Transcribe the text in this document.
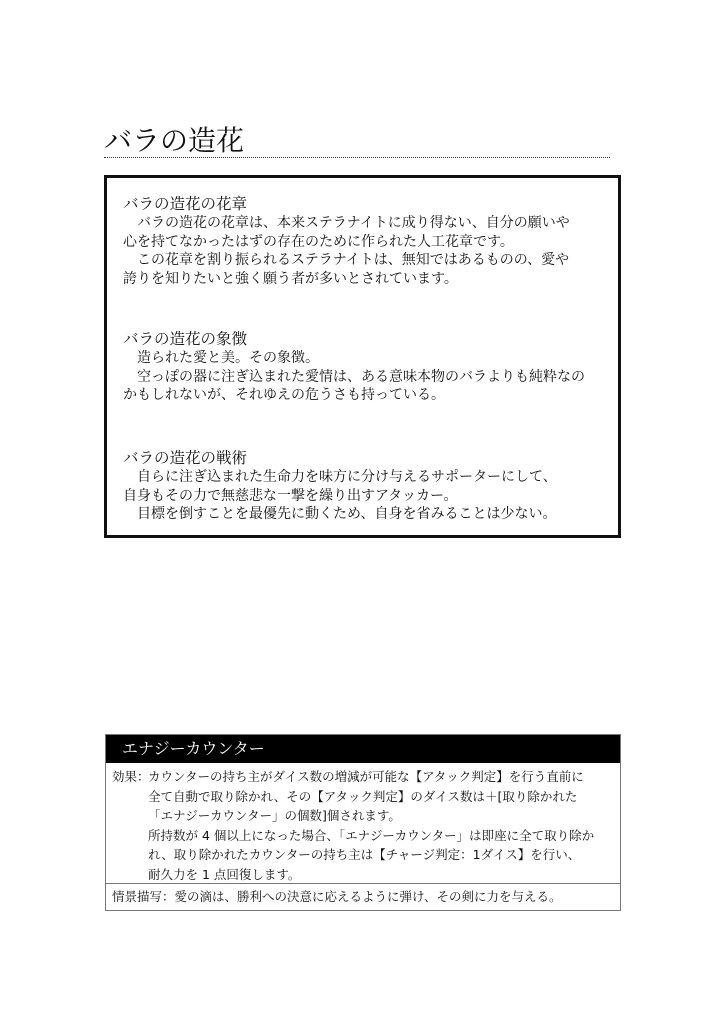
バラの造花
バラの造花の花章
バラの造花の花章は、本来ステラナイトに成り得ない、自分の願いや
心を持てなかったはずの存在のために作られた人工花章です。
この花章を割り振られるステラナイトは、無知ではあるものの、愛や
誇りを知りたいと強く願う者が多いとされています。
バラの造花の象徴
造られた愛と美。その象徴。
空っぽの器に注ぎ込まれた愛情は、ある意味本物のバラよりも純粋なの
かもしれないが、それゆえの危うさも持っている。
バラの造花の戦術
自らに注ぎ込まれた生命力を味方に分け与えるサポーターにして、
自身もその力で無慈悲な一撃を繰り出すアタッカー。
目標を倒すことを最優先に動くため、自身を省みることは少ない。
エナジーカウンター
効果：
カウンターの持ち主がダイス数の増減が可能な【アタック判定】を行う直前に
全て自動で取り除かれ、その【アタック判定】のダイス数は＋[取り除かれた
「エナジーカウンター」の個数]個されます。
所持数が 4 個以上になった場合、「エナジーカウンター」は即座に全て取り除か
れ、取り除かれたカウンターの持ち主は【チャージ判定：1ダイス】を行い、
耐久力を 1 点回復します。
情景描写：愛の滴は、勝利への決意に応えるように弾け、その剣に力を与える。
